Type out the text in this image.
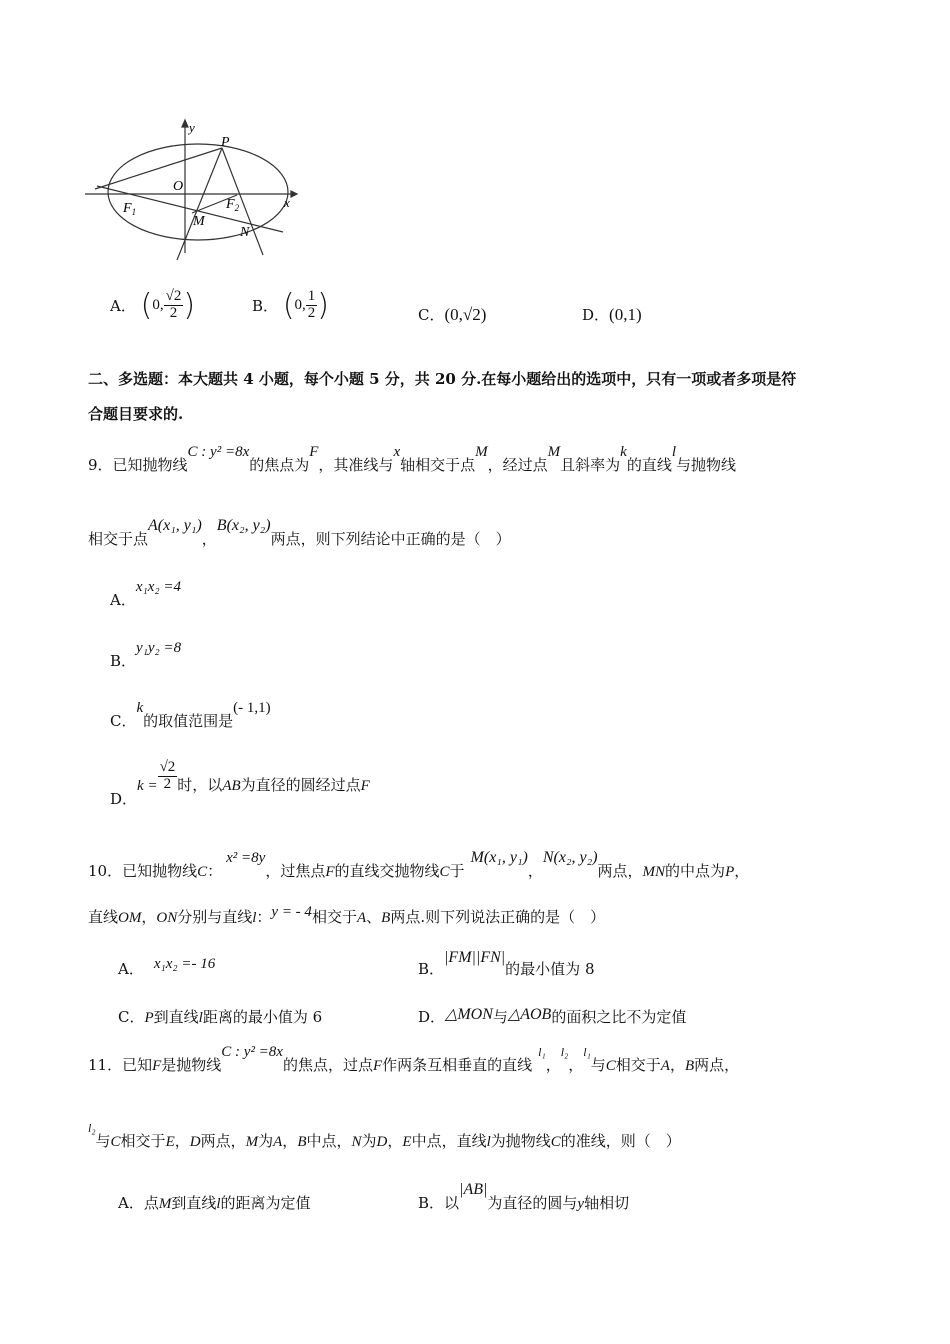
y
P
O
$F_1$	$F_2$	x
M
N
A． (0, $\frac{√2}{2}$ )	B． (0, $\frac{1}{2}$ )	C．(0,√2)	D．(0,1)
二、多选题：本大题共 4 小题，每个小题 5 分，共 20 分.在每小题给出的选项中，只有一项或者多项是符
合题目要求的.
9．已知抛物线C : y² =8x的焦点为F，其准线与x轴相交于点M，经过点M且斜率为k的直线l与抛物线
相交于点A(x₁, y₁)，B(x₂, y₂)两点，则下列结论中正确的是（　）
A．x₁x₂ =4
B．y₁y₂ =8
C．k的取值范围是(- 1,1)
D．$k = \frac{√2}{2}$ 时，以AB为直径的圆经过点F
10．已知抛物线C：x² =8y，过焦点F的直线交抛物线C于M(x₁, y₁)，N(x₂, y₂)两点，MN的中点为P，
直线OM，ON分别与直线l：y = - 4相交于A、B两点.则下列说法正确的是（　）
A． x₁x₂ =- 16	B．|FM||FN|的最小值为 8
C．P到直线l距离的最小值为 6	D．△MON与△AOB的面积之比不为定值
11．已知F是抛物线C : y² =8x的焦点，过点F作两条互相垂直的直线l₁，l₂，l₁与C相交于A，B两点，
l₂与C相交于E，D两点，M为A，B中点，N为D，E中点，直线l为抛物线C的准线，则（　）
A．点M到直线l的距离为定值	B．以|AB|为直径的圆与y轴相切
